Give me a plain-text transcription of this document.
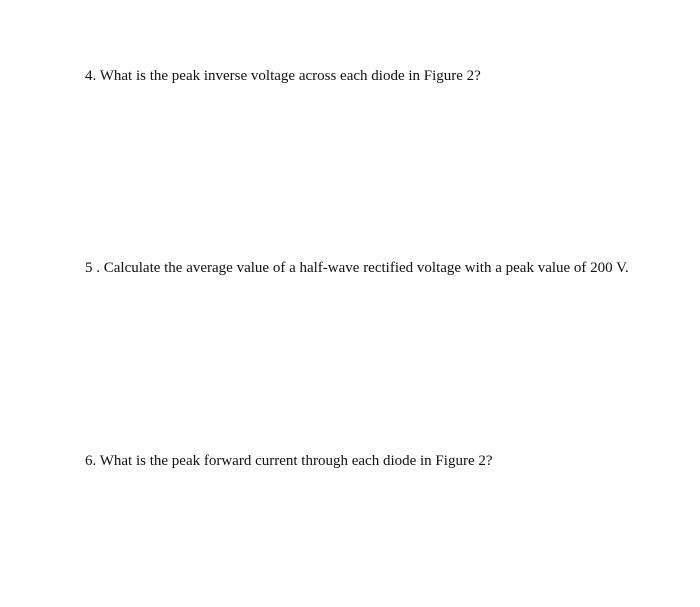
4. What is the peak inverse voltage across each diode in Figure 2?

5 . Calculate the average value of a half-wave rectified voltage with a peak value of 200 V.

6. What is the peak forward current through each diode in Figure 2?
